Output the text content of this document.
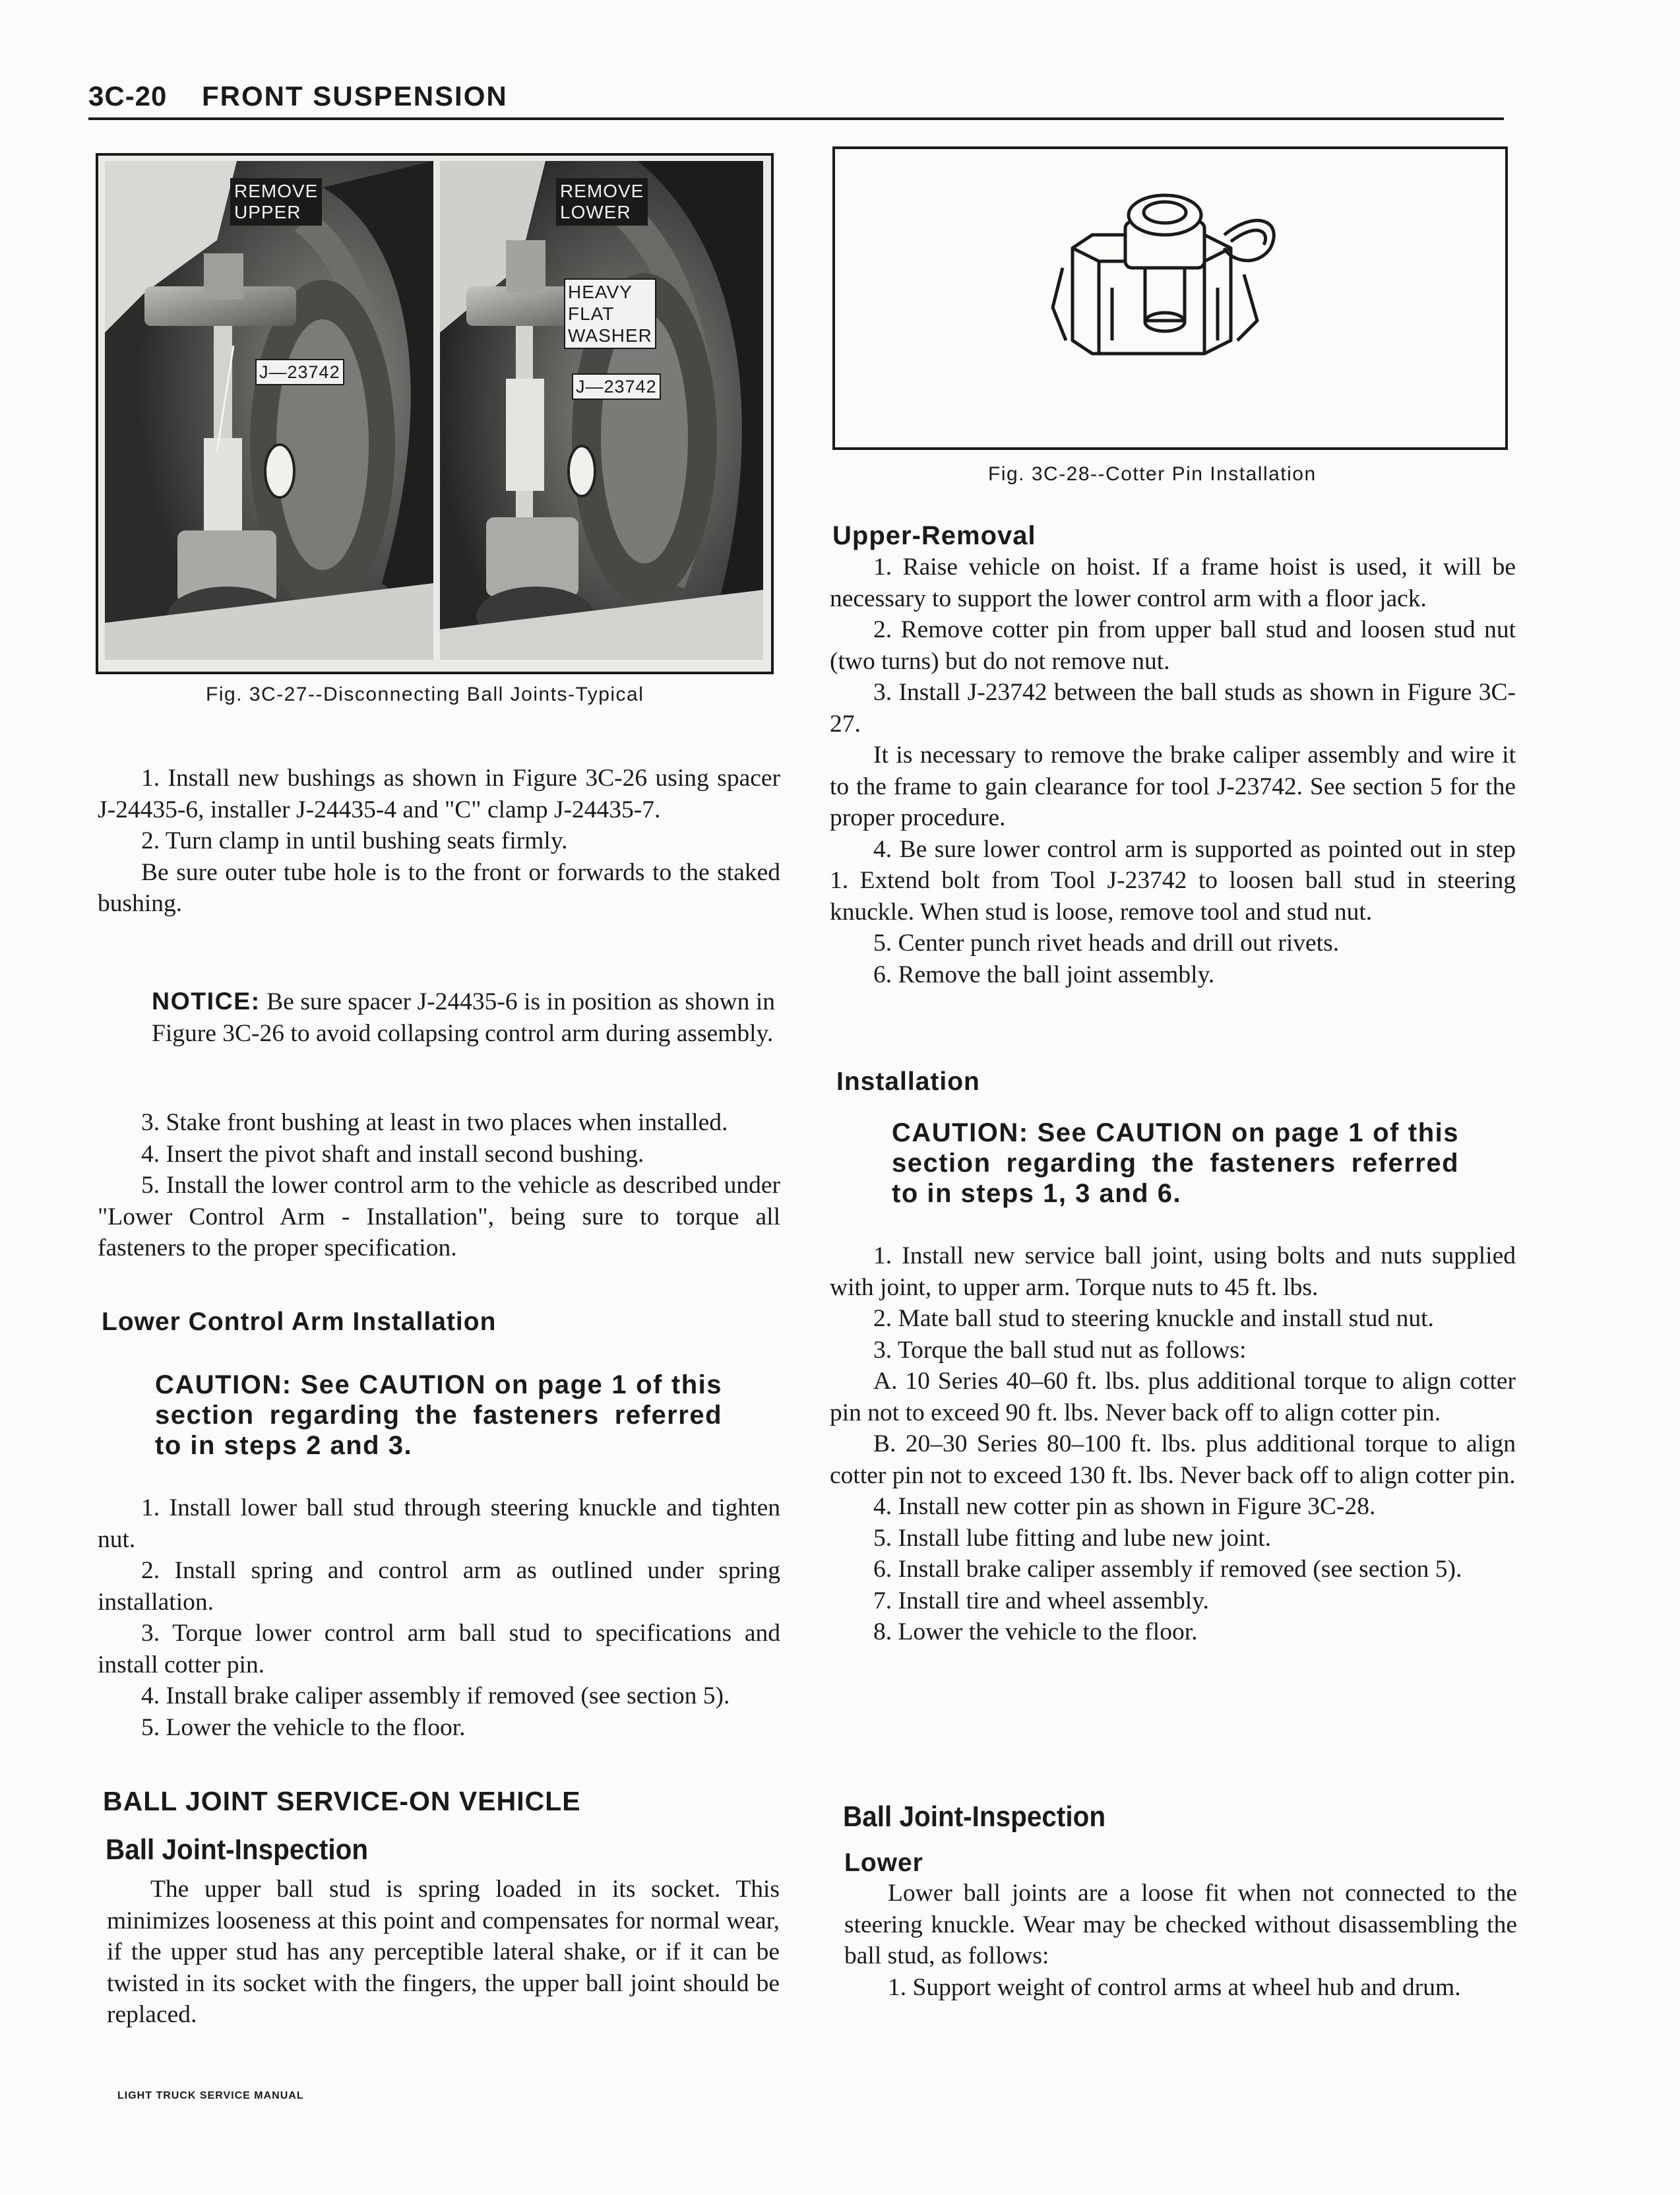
3C-20 FRONT SUSPENSION
REMOVE
UPPER
J—23742
REMOVE
LOWER
HEAVY
FLAT
WASHER
J—23742
Fig. 3C-27--Disconnecting Ball Joints-Typical
Fig. 3C-28--Cotter Pin Installation

1. Install new bushings as shown in Figure 3C-26 using spacer J-24435-6, installer J-24435-4 and "C" clamp J-24435-7.

2. Turn clamp in until bushing seats firmly.

Be sure outer tube hole is to the front or forwards to the staked bushing.

NOTICE: Be sure spacer J-24435-6 is in position as shown in Figure 3C-26 to avoid collapsing control arm during assembly.

3. Stake front bushing at least in two places when installed.

4. Insert the pivot shaft and install second bushing.

5. Install the lower control arm to the vehicle as described under "Lower Control Arm - Installation", being sure to torque all fasteners to the proper specification.

Lower Control Arm Installation
CAUTION: See CAUTION on page 1 of this section regarding the fasteners referred to in steps 2 and 3.

1. Install lower ball stud through steering knuckle and tighten nut.

2. Install spring and control arm as outlined under spring installation.

3. Torque lower control arm ball stud to specifications and install cotter pin.

4. Install brake caliper assembly if removed (see section 5).

5. Lower the vehicle to the floor.

BALL JOINT SERVICE-ON VEHICLE
Ball Joint-Inspection

The upper ball stud is spring loaded in its socket. This minimizes looseness at this point and compensates for normal wear, if the upper stud has any perceptible lateral shake, or if it can be twisted in its socket with the fingers, the upper ball joint should be replaced.

Upper-Removal

1. Raise vehicle on hoist. If a frame hoist is used, it will be necessary to support the lower control arm with a floor jack.

2. Remove cotter pin from upper ball stud and loosen stud nut (two turns) but do not remove nut.

3. Install J-23742 between the ball studs as shown in Figure 3C-27.

It is necessary to remove the brake caliper assembly and wire it to the frame to gain clearance for tool J-23742. See section 5 for the proper procedure.

4. Be sure lower control arm is supported as pointed out in step 1. Extend bolt from Tool J-23742 to loosen ball stud in steering knuckle. When stud is loose, remove tool and stud nut.

5. Center punch rivet heads and drill out rivets.

6. Remove the ball joint assembly.

Installation
CAUTION: See CAUTION on page 1 of this section regarding the fasteners referred to in steps 1, 3 and 6.

1. Install new service ball joint, using bolts and nuts supplied with joint, to upper arm. Torque nuts to 45 ft. lbs.

2. Mate ball stud to steering knuckle and install stud nut.

3. Torque the ball stud nut as follows:

A. 10 Series 40–60 ft. lbs. plus additional torque to align cotter pin not to exceed 90 ft. lbs. Never back off to align cotter pin.

B. 20–30 Series 80–100 ft. lbs. plus additional torque to align cotter pin not to exceed 130 ft. lbs. Never back off to align cotter pin.

4. Install new cotter pin as shown in Figure 3C-28.

5. Install lube fitting and lube new joint.

6. Install brake caliper assembly if removed (see section 5).

7. Install tire and wheel assembly.

8. Lower the vehicle to the floor.

Ball Joint-Inspection
Lower

Lower ball joints are a loose fit when not connected to the steering knuckle. Wear may be checked without disassembling the ball stud, as follows:

1. Support weight of control arms at wheel hub and drum.

LIGHT TRUCK SERVICE MANUAL
